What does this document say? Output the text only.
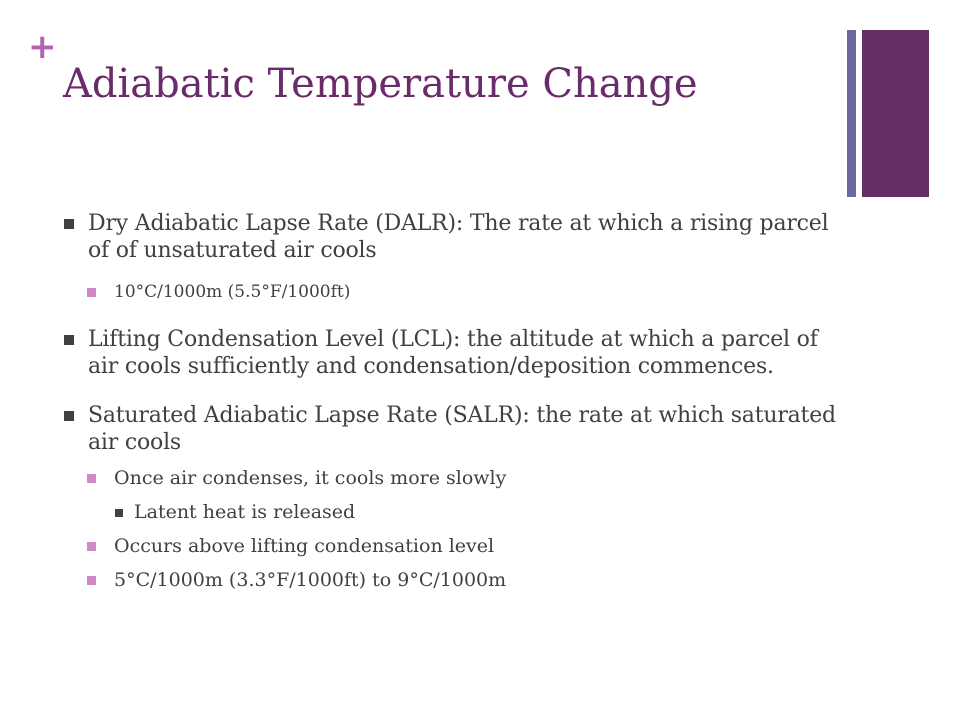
+
Adiabatic Temperature Change
Dry Adiabatic Lapse Rate (DALR): The rate at which a rising parcel of of unsaturated air cools
10°C/1000m (5.5°F/1000ft)
Lifting Condensation Level (LCL): the altitude at which a parcel of air cools sufficiently and condensation/deposition commences.
Saturated Adiabatic Lapse Rate (SALR): the rate at which saturated air cools
Once air condenses, it cools more slowly
Latent heat is released
Occurs above lifting condensation level
5°C/1000m (3.3°F/1000ft) to 9°C/1000m
